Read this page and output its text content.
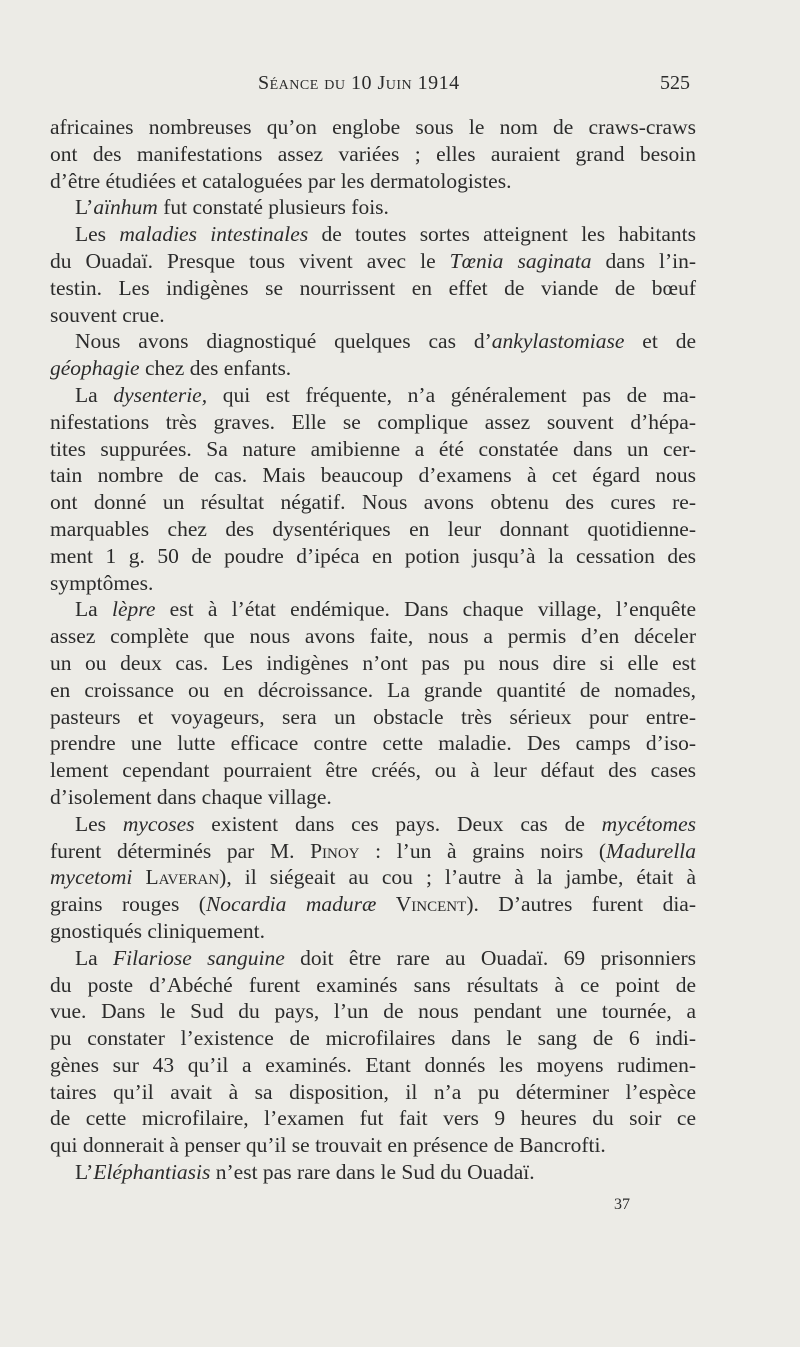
Séance du 10 Juin 1914	525
africaines nombreuses qu’on englobe sous le nom de craws-craws
ont des manifestations assez variées ; elles auraient grand besoin
d’être étudiées et cataloguées par les dermatologistes.
L’aïnhum fut constaté plusieurs fois.
Les maladies intestinales de toutes sortes atteignent les habitants
du Ouadaï. Presque tous vivent avec le Tœnia saginata dans l’in-
testin. Les indigènes se nourrissent en effet de viande de bœuf
souvent crue.
Nous avons diagnostiqué quelques cas d’ankylastomiase et de
géophagie chez des enfants.
La dysenterie, qui est fréquente, n’a généralement pas de ma-
nifestations très graves. Elle se complique assez souvent d’hépa-
tites suppurées. Sa nature amibienne a été constatée dans un cer-
tain nombre de cas. Mais beaucoup d’examens à cet égard nous
ont donné un résultat négatif. Nous avons obtenu des cures re-
marquables chez des dysentériques en leur donnant quotidienne-
ment 1 g. 50 de poudre d’ipéca en potion jusqu’à la cessation des
symptômes.
La lèpre est à l’état endémique. Dans chaque village, l’enquête
assez complète que nous avons faite, nous a permis d’en déceler
un ou deux cas. Les indigènes n’ont pas pu nous dire si elle est
en croissance ou en décroissance. La grande quantité de nomades,
pasteurs et voyageurs, sera un obstacle très sérieux pour entre-
prendre une lutte efficace contre cette maladie. Des camps d’iso-
lement cependant pourraient être créés, ou à leur défaut des cases
d’isolement dans chaque village.
Les mycoses existent dans ces pays. Deux cas de mycétomes
furent déterminés par M. Pinoy : l’un à grains noirs (Madurella
mycetomi Laveran), il siégeait au cou ; l’autre à la jambe, était à
grains rouges (Nocardia maduræ Vincent). D’autres furent dia-
gnostiqués cliniquement.
La Filariose sanguine doit être rare au Ouadaï. 69 prisonniers
du poste d’Abéché furent examinés sans résultats à ce point de
vue. Dans le Sud du pays, l’un de nous pendant une tournée, a
pu constater l’existence de microfilaires dans le sang de 6 indi-
gènes sur 43 qu’il a examinés. Etant donnés les moyens rudimen-
taires qu’il avait à sa disposition, il n’a pu déterminer l’espèce
de cette microfilaire, l’examen fut fait vers 9 heures du soir ce
qui donnerait à penser qu’il se trouvait en présence de Bancrofti.
L’Eléphantiasis n’est pas rare dans le Sud du Ouadaï.
37
